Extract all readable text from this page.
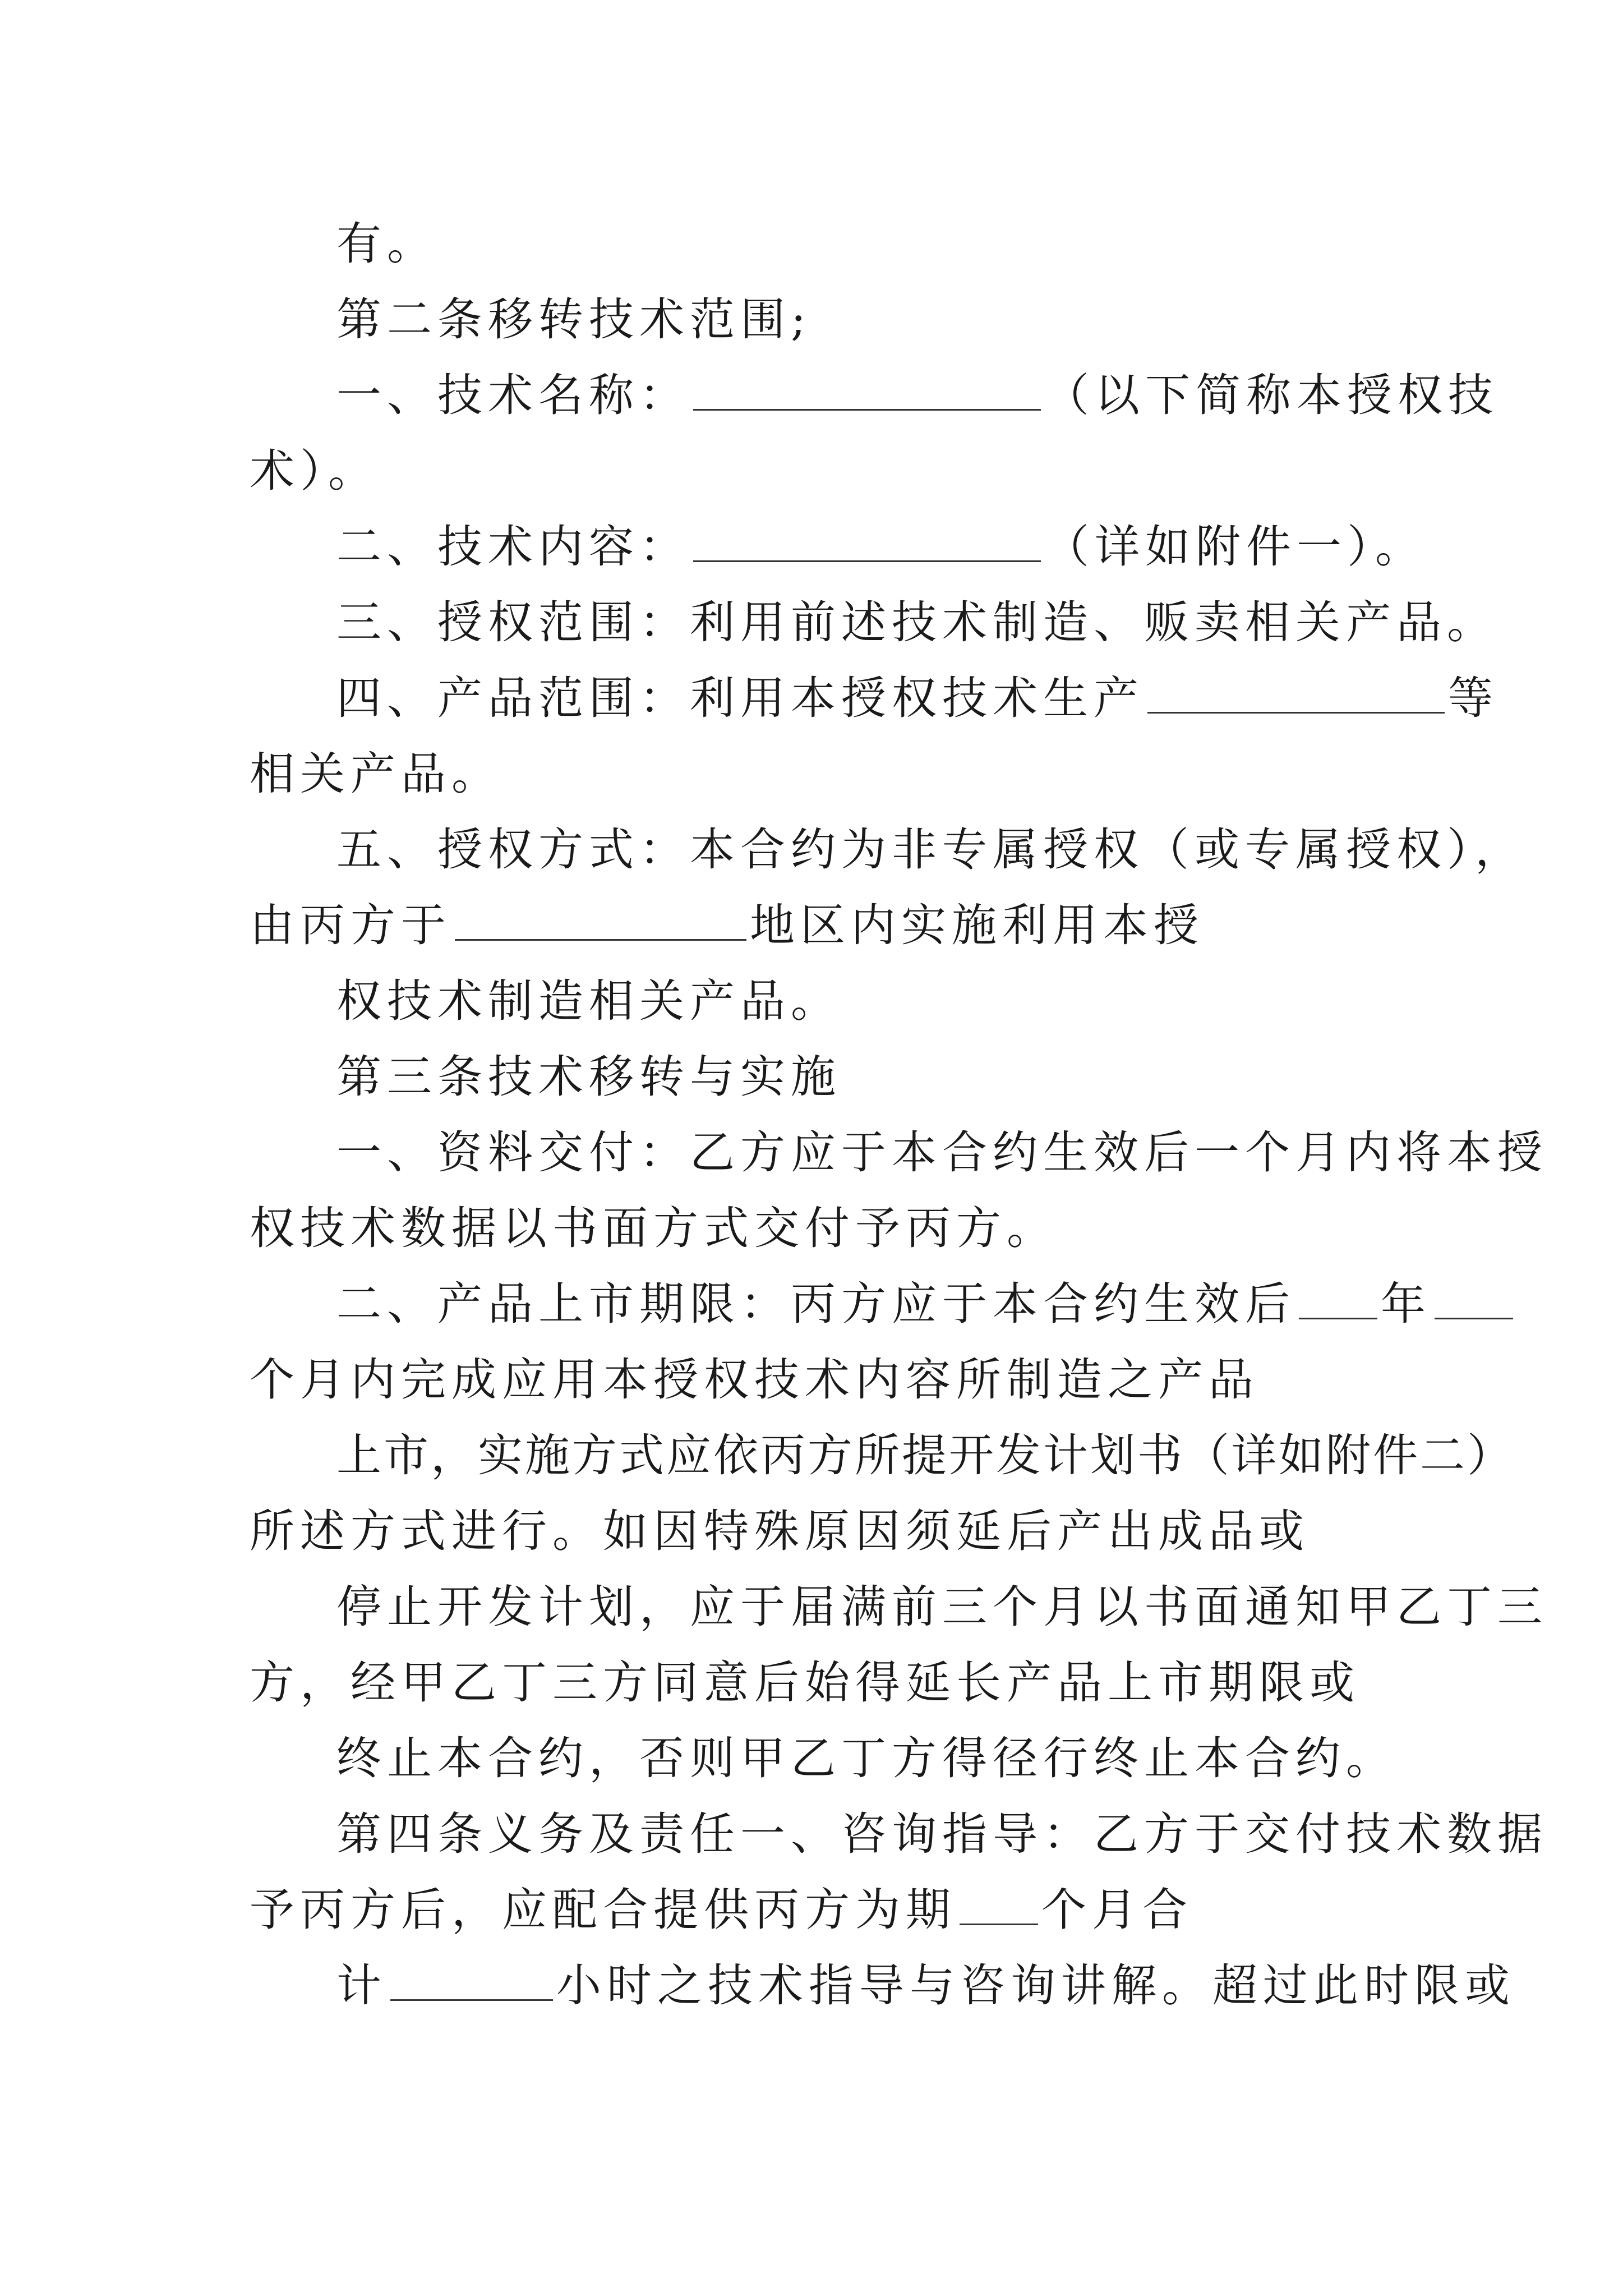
有。
第二条移转技术范围;
一、技术名称：	（以下简称本授权技
术）。
二、技术内容：	（详如附件一）。
三、授权范围：利用前述技术制造、贩卖相关产品。
四、产品范围：利用本授权技术生产	等
相关产品。
五、授权方式：本合约为非专属授权（或专属授权），
由丙方于	地区内实施利用本授
权技术制造相关产品。
第三条技术移转与实施
一、资料交付：乙方应于本合约生效后一个月内将本授
权技术数据以书面方式交付予丙方。
二、产品上市期限：丙方应于本合约生效后 年
个月内完成应用本授权技术内容所制造之产品
上市，实施方式应依丙方所提开发计划书（详如附件二）
所述方式进行。如因特殊原因须延后产出成品或
停止开发计划，应于届满前三个月以书面通知甲乙丁三
方，经甲乙丁三方同意后始得延长产品上市期限或
终止本合约，否则甲乙丁方得径行终止本合约。
第四条义务及责任一、咨询指导：乙方于交付技术数据
予丙方后，应配合提供丙方为期 个月合
计	小时之技术指导与咨询讲解。超过此时限或
